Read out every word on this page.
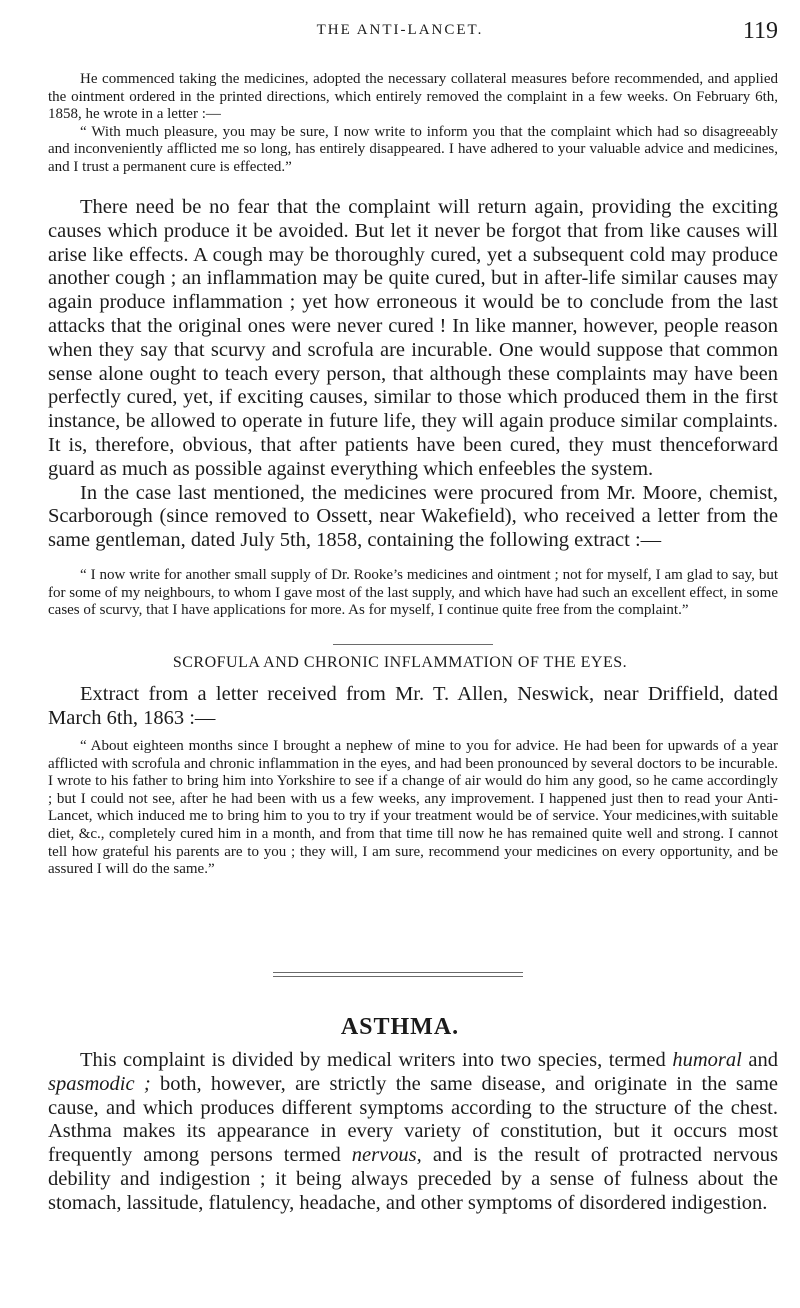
THE ANTI-LANCET.	119

He commenced taking the medicines, adopted the necessary collateral measures before recommended, and applied the ointment ordered in the printed directions, which entirely removed the complaint in a few weeks. On February 6th, 1858, he wrote in a letter :—

“ With much pleasure, you may be sure, I now write to inform you that the complaint which had so disagreeably and inconveniently afflicted me so long, has entirely disappeared. I have adhered to your valuable advice and medicines, and I trust a permanent cure is effected.”

There need be no fear that the complaint will return again, providing the exciting causes which produce it be avoided. But let it never be forgot that from like causes will arise like effects. A cough may be thoroughly cured, yet a subsequent cold may produce another cough ; an inflammation may be quite cured, but in after-life similar causes may again produce inflammation ; yet how erroneous it would be to conclude from the last attacks that the original ones were never cured ! In like manner, however, people reason when they say that scurvy and scrofula are incurable. One would suppose that common sense alone ought to teach every person, that although these complaints may have been perfectly cured, yet, if exciting causes, similar to those which produced them in the first instance, be allowed to operate in future life, they will again produce similar complaints. It is, therefore, obvious, that after patients have been cured, they must thenceforward guard as much as possible against everything which enfeebles the system.

In the case last mentioned, the medicines were procured from Mr. Moore, chemist, Scarborough (since removed to Ossett, near Wakefield), who received a letter from the same gentleman, dated July 5th, 1858, containing the following extract :—

“ I now write for another small supply of Dr. Rooke’s medicines and ointment ; not for myself, I am glad to say, but for some of my neighbours, to whom I gave most of the last supply, and which have had such an excellent effect, in some cases of scurvy, that I have applications for more. As for myself, I continue quite free from the complaint.”

SCROFULA AND CHRONIC INFLAMMATION OF THE EYES.

Extract from a letter received from Mr. T. Allen, Neswick, near Driffield, dated March 6th, 1863 :—

“ About eighteen months since I brought a nephew of mine to you for advice. He had been for upwards of a year afflicted with scrofula and chronic inflammation in the eyes, and had been pronounced by several doctors to be incurable. I wrote to his father to bring him into Yorkshire to see if a change of air would do him any good, so he came accordingly ; but I could not see, after he had been with us a few weeks, any improvement. I happened just then to read your Anti-Lancet, which induced me to bring him to you to try if your treatment would be of service. Your medicines,with suitable diet, &c., completely cured him in a month, and from that time till now he has remained quite well and strong. I cannot tell how grateful his parents are to you ; they will, I am sure, recommend your medicines on every opportunity, and be assured I will do the same.”

ASTHMA.

This complaint is divided by medical writers into two species, termed humoral and spasmodic ; both, however, are strictly the same disease, and originate in the same cause, and which produces different symptoms according to the structure of the chest. Asthma makes its appearance in every variety of constitution, but it occurs most frequently among persons termed nervous, and is the result of protracted nervous debility and indigestion ; it being always preceded by a sense of fulness about the stomach, lassitude, flatulency, headache, and other symptoms of disordered indigestion.
